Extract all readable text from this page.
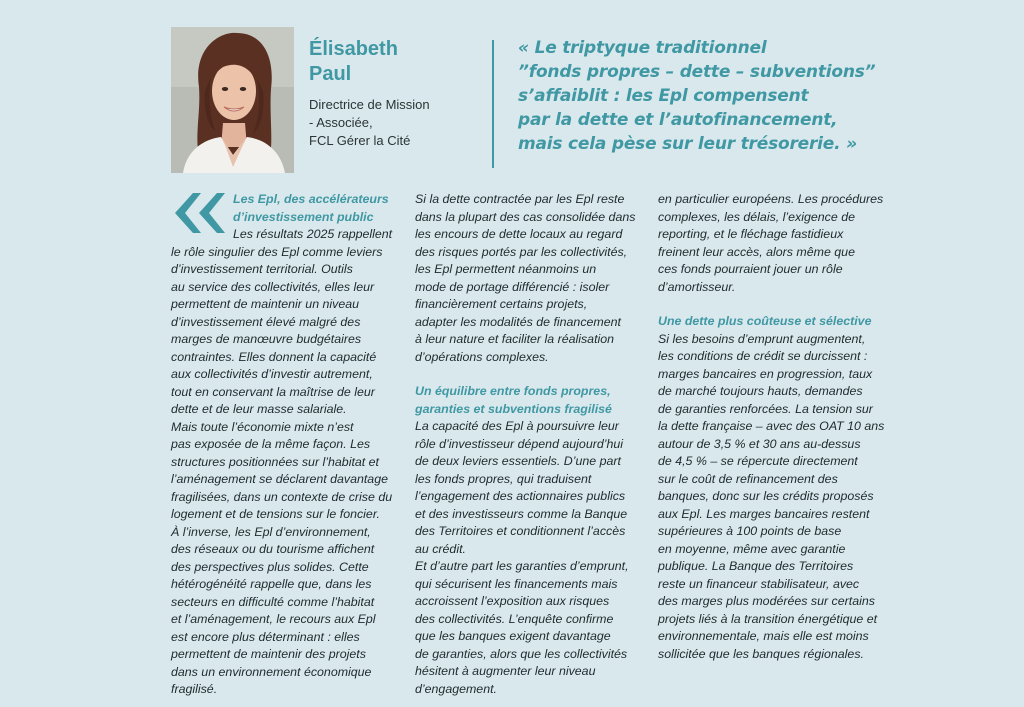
Élisabeth
Paul
Directrice de Mission
- Associée,
FCL Gérer la Cité
« Le triptyque traditionnel
”fonds propres – dette – subventions”
s’affaiblit : les Epl compensent
par la dette et l’autofinancement,
mais cela pèse sur leur trésorerie. »
Les Epl, des accélérateurs
d’investissement public
Les résultats 2025 rappellent
le rôle singulier des Epl comme leviers
d’investissement territorial. Outils
au service des collectivités, elles leur
permettent de maintenir un niveau
d’investissement élevé malgré des
marges de manœuvre budgétaires
contraintes. Elles donnent la capacité
aux collectivités d’investir autrement,
tout en conservant la maîtrise de leur
dette et de leur masse salariale.
Mais toute l’économie mixte n’est
pas exposée de la même façon. Les
structures positionnées sur l’habitat et
l’aménagement se déclarent davantage
fragilisées, dans un contexte de crise du
logement et de tensions sur le foncier.
À l’inverse, les Epl d’environnement,
des réseaux ou du tourisme affichent
des perspectives plus solides. Cette
hétérogénéité rappelle que, dans les
secteurs en difficulté comme l’habitat
et l’aménagement, le recours aux Epl
est encore plus déterminant : elles
permettent de maintenir des projets
dans un environnement économique
fragilisé.
Si la dette contractée par les Epl reste
dans la plupart des cas consolidée dans
les encours de dette locaux au regard
des risques portés par les collectivités,
les Epl permettent néanmoins un
mode de portage différencié : isoler
financièrement certains projets,
adapter les modalités de financement
à leur nature et faciliter la réalisation
d’opérations complexes.
Un équilibre entre fonds propres,
garanties et subventions fragilisé
La capacité des Epl à poursuivre leur
rôle d’investisseur dépend aujourd’hui
de deux leviers essentiels. D’une part
les fonds propres, qui traduisent
l’engagement des actionnaires publics
et des investisseurs comme la Banque
des Territoires et conditionnent l’accès
au crédit.
Et d’autre part les garanties d’emprunt,
qui sécurisent les financements mais
accroissent l’exposition aux risques
des collectivités. L’enquête confirme
que les banques exigent davantage
de garanties, alors que les collectivités
hésitent à augmenter leur niveau
d’engagement.
en particulier européens. Les procédures
complexes, les délais, l’exigence de
reporting, et le fléchage fastidieux
freinent leur accès, alors même que
ces fonds pourraient jouer un rôle
d’amortisseur.
Une dette plus coûteuse et sélective
Si les besoins d’emprunt augmentent,
les conditions de crédit se durcissent :
marges bancaires en progression, taux
de marché toujours hauts, demandes
de garanties renforcées. La tension sur
la dette française – avec des OAT 10 ans
autour de 3,5 % et 30 ans au-dessus
de 4,5 % – se répercute directement
sur le coût de refinancement des
banques, donc sur les crédits proposés
aux Epl. Les marges bancaires restent
supérieures à 100 points de base
en moyenne, même avec garantie
publique. La Banque des Territoires
reste un financeur stabilisateur, avec
des marges plus modérées sur certains
projets liés à la transition énergétique et
environnementale, mais elle est moins
sollicitée que les banques régionales.
